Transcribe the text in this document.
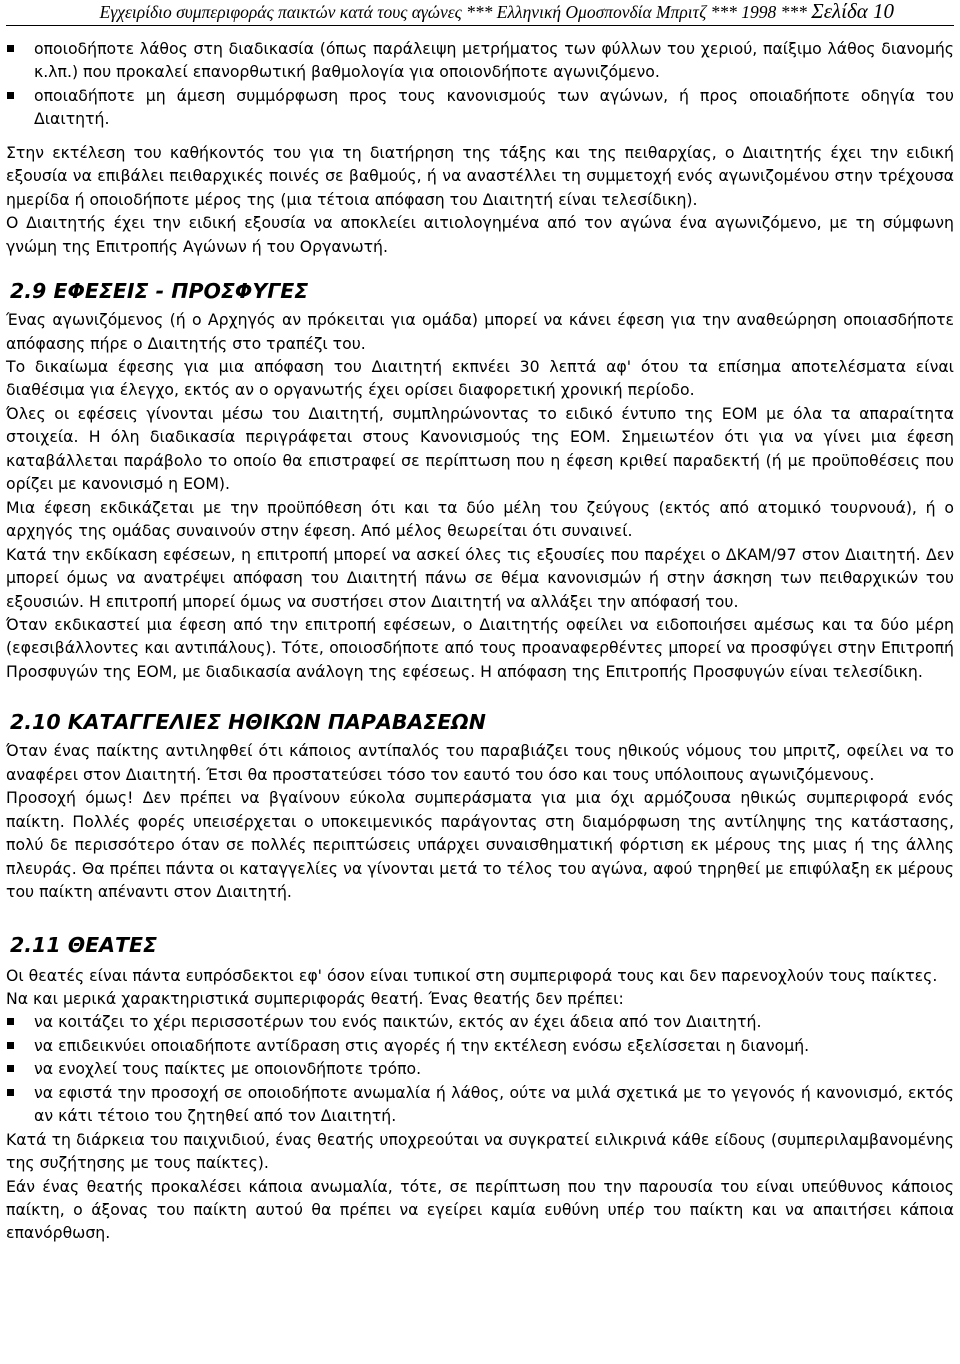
Εγχειρίδιο συμπεριφοράς παικτών κατά τους αγώνες *** Ελληνική Ομοσπονδία Μπριτζ *** 1998 *** Σελίδα 10
οποιοδήποτε λάθος στη διαδικασία (όπως παράλειψη μετρήματος των φύλλων του χεριού, παίξιμο λάθος διανομής κ.λπ.) που προκαλεί επανορθωτική βαθμολογία για οποιονδήποτε αγωνιζόμενο.
οποιαδήποτε μη άμεση συμμόρφωση προς τους κανονισμούς των αγώνων, ή προς οποιαδήποτε οδηγία του Διαιτητή.

Στην εκτέλεση του καθήκοντός του για τη διατήρηση της τάξης και της πειθαρχίας, ο Διαιτητής έχει την ειδική εξουσία να επιβάλει πειθαρχικές ποινές σε βαθμούς, ή να αναστέλλει τη συμμετοχή ενός αγωνιζομένου στην τρέχουσα ημερίδα ή οποιοδήποτε μέρος της (μια τέτοια απόφαση του Διαιτητή είναι τελεσίδικη).

Ο Διαιτητής έχει την ειδική εξουσία να αποκλείει αιτιολογημένα από τον αγώνα ένα αγωνιζόμενο, με τη σύμφωνη γνώμη της Επιτροπής Αγώνων ή του Οργανωτή.

2.9 ΕΦΕΣΕΙΣ - ΠΡΟΣΦΥΓΕΣ

Ένας αγωνιζόμενος (ή ο Αρχηγός αν πρόκειται για ομάδα) μπορεί να κάνει έφεση για την αναθεώρηση οποιασδήποτε απόφασης πήρε ο Διαιτητής στο τραπέζι του.

Το δικαίωμα έφεσης για μια απόφαση του Διαιτητή εκπνέει 30 λεπτά αφ' ότου τα επίσημα αποτελέσματα είναι διαθέσιμα για έλεγχο, εκτός αν ο οργανωτής έχει ορίσει διαφορετική χρονική περίοδο.

Όλες οι εφέσεις γίνονται μέσω του Διαιτητή, συμπληρώνοντας το ειδικό έντυπο της ΕΟΜ με όλα τα απαραίτητα στοιχεία. Η όλη διαδικασία περιγράφεται στους Κανονισμούς της ΕΟΜ. Σημειωτέον ότι για να γίνει μια έφεση καταβάλλεται παράβολο το οποίο θα επιστραφεί σε περίπτωση που η έφεση κριθεί παραδεκτή (ή με προϋποθέσεις που ορίζει με κανονισμό η ΕΟΜ).

Μια έφεση εκδικάζεται με την προϋπόθεση ότι και τα δύο μέλη του ζεύγους (εκτός από ατομικό τουρνουά), ή ο αρχηγός της ομάδας συναινούν στην έφεση. Από μέλος θεωρείται ότι συναινεί.

Κατά την εκδίκαση εφέσεων, η επιτροπή μπορεί να ασκεί όλες τις εξουσίες που παρέχει ο ΔΚΑΜ/97 στον Διαιτητή. Δεν μπορεί όμως να ανατρέψει απόφαση του Διαιτητή πάνω σε θέμα κανονισμών ή στην άσκηση των πειθαρχικών του εξουσιών. Η επιτροπή μπορεί όμως να συστήσει στον Διαιτητή να αλλάξει την απόφασή του.

Όταν εκδικαστεί μια έφεση από την επιτροπή εφέσεων, ο Διαιτητής οφείλει να ειδοποιήσει αμέσως και τα δύο μέρη (εφεσιβάλλοντες και αντιπάλους). Τότε, οποιοσδήποτε από τους προαναφερθέντες μπορεί να προσφύγει στην Επιτροπή Προσφυγών της ΕΟΜ, με διαδικασία ανάλογη της εφέσεως. Η απόφαση της Επιτροπής Προσφυγών είναι τελεσίδικη.

2.10 ΚΑΤΑΓΓΕΛΙΕΣ ΗΘΙΚΩΝ ΠΑΡΑΒΑΣΕΩΝ

Όταν ένας παίκτης αντιληφθεί ότι κάποιος αντίπαλός του παραβιάζει τους ηθικούς νόμους του μπριτζ, οφείλει να το αναφέρει στον Διαιτητή. Έτσι θα προστατεύσει τόσο τον εαυτό του όσο και τους υπόλοιπους αγωνιζόμενους.

Προσοχή όμως! Δεν πρέπει να βγαίνουν εύκολα συμπεράσματα για μια όχι αρμόζουσα ηθικώς συμπεριφορά ενός παίκτη. Πολλές φορές υπεισέρχεται ο υποκειμενικός παράγοντας στη διαμόρφωση της αντίληψης της κατάστασης, πολύ δε περισσότερο όταν σε πολλές περιπτώσεις υπάρχει συναισθηματική φόρτιση εκ μέρους της μιας ή της άλλης πλευράς. Θα πρέπει πάντα οι καταγγελίες να γίνονται μετά το τέλος του αγώνα, αφού τηρηθεί με επιφύλαξη εκ μέρους του παίκτη απέναντι στον Διαιτητή.

2.11 ΘΕΑΤΕΣ

Οι θεατές είναι πάντα ευπρόσδεκτοι εφ' όσον είναι τυπικοί στη συμπεριφορά τους και δεν παρενοχλούν τους παίκτες.

Να και μερικά χαρακτηριστικά συμπεριφοράς θεατή. Ένας θεατής δεν πρέπει:

να κοιτάζει το χέρι περισσοτέρων του ενός παικτών, εκτός αν έχει άδεια από τον Διαιτητή.
να επιδεικνύει οποιαδήποτε αντίδραση στις αγορές ή την εκτέλεση ενόσω εξελίσσεται η διανομή.
να ενοχλεί τους παίκτες με οποιονδήποτε τρόπο.
να εφιστά την προσοχή σε οποιοδήποτε ανωμαλία ή λάθος, ούτε να μιλά σχετικά με το γεγονός ή κανονισμό, εκτός αν κάτι τέτοιο του ζητηθεί από τον Διαιτητή.

Κατά τη διάρκεια του παιχνιδιού, ένας θεατής υποχρεούται να συγκρατεί ειλικρινά κάθε είδους (συμπεριλαμβανομένης της συζήτησης με τους παίκτες).

Εάν ένας θεατής προκαλέσει κάποια ανωμαλία, τότε, σε περίπτωση που την παρουσία του είναι υπεύθυνος κάποιος παίκτη, ο άξονας του παίκτη αυτού θα πρέπει να εγείρει καμία ευθύνη υπέρ του παίκτη και να απαιτήσει κάποια επανόρθωση.
